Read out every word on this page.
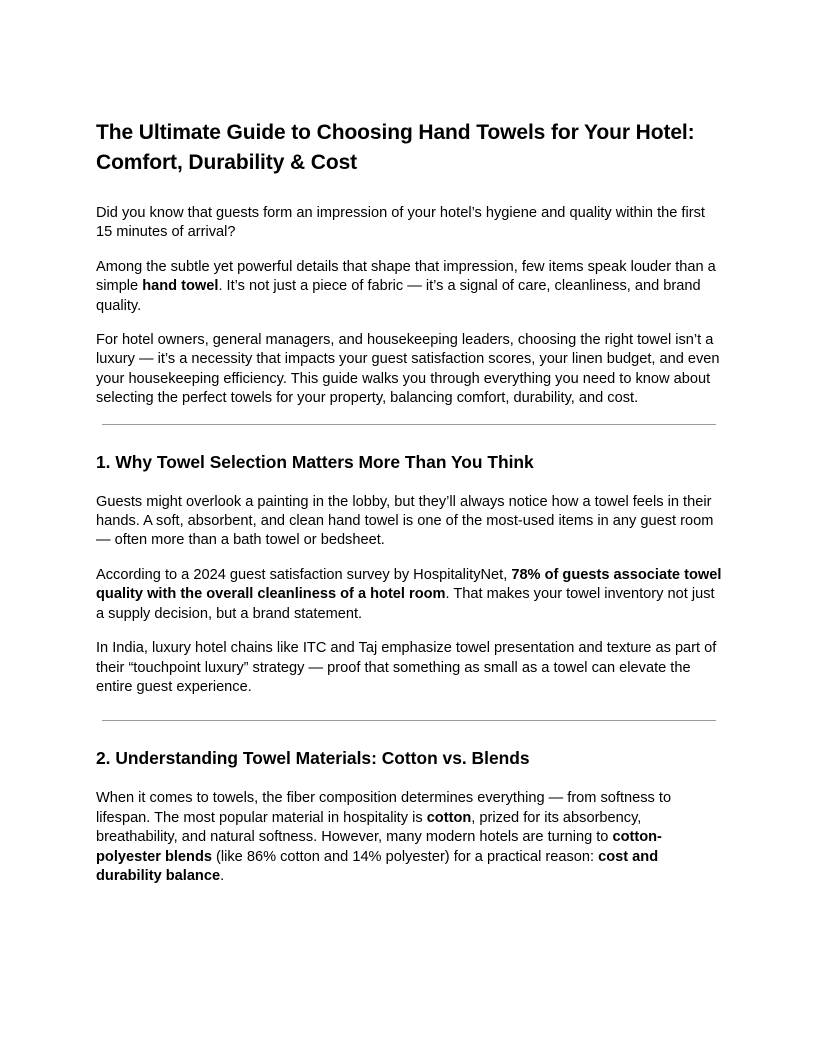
The Ultimate Guide to Choosing Hand Towels for Your Hotel: Comfort, Durability & Cost

Did you know that guests form an impression of your hotel’s hygiene and quality within the first 15 minutes of arrival?

Among the subtle yet powerful details that shape that impression, few items speak louder than a simple hand towel. It’s not just a piece of fabric — it’s a signal of care, cleanliness, and brand quality.

For hotel owners, general managers, and housekeeping leaders, choosing the right towel isn’t a luxury — it’s a necessity that impacts your guest satisfaction scores, your linen budget, and even your housekeeping efficiency. This guide walks you through everything you need to know about selecting the perfect towels for your property, balancing comfort, durability, and cost.

1. Why Towel Selection Matters More Than You Think

Guests might overlook a painting in the lobby, but they’ll always notice how a towel feels in their hands. A soft, absorbent, and clean hand towel is one of the most-used items in any guest room — often more than a bath towel or bedsheet.

According to a 2024 guest satisfaction survey by HospitalityNet, 78% of guests associate towel quality with the overall cleanliness of a hotel room. That makes your towel inventory not just a supply decision, but a brand statement.

In India, luxury hotel chains like ITC and Taj emphasize towel presentation and texture as part of their “touchpoint luxury” strategy — proof that something as small as a towel can elevate the entire guest experience.

2. Understanding Towel Materials: Cotton vs. Blends

When it comes to towels, the fiber composition determines everything — from softness to lifespan. The most popular material in hospitality is cotton, prized for its absorbency, breathability, and natural softness. However, many modern hotels are turning to cotton-polyester blends (like 86% cotton and 14% polyester) for a practical reason: cost and durability balance.
